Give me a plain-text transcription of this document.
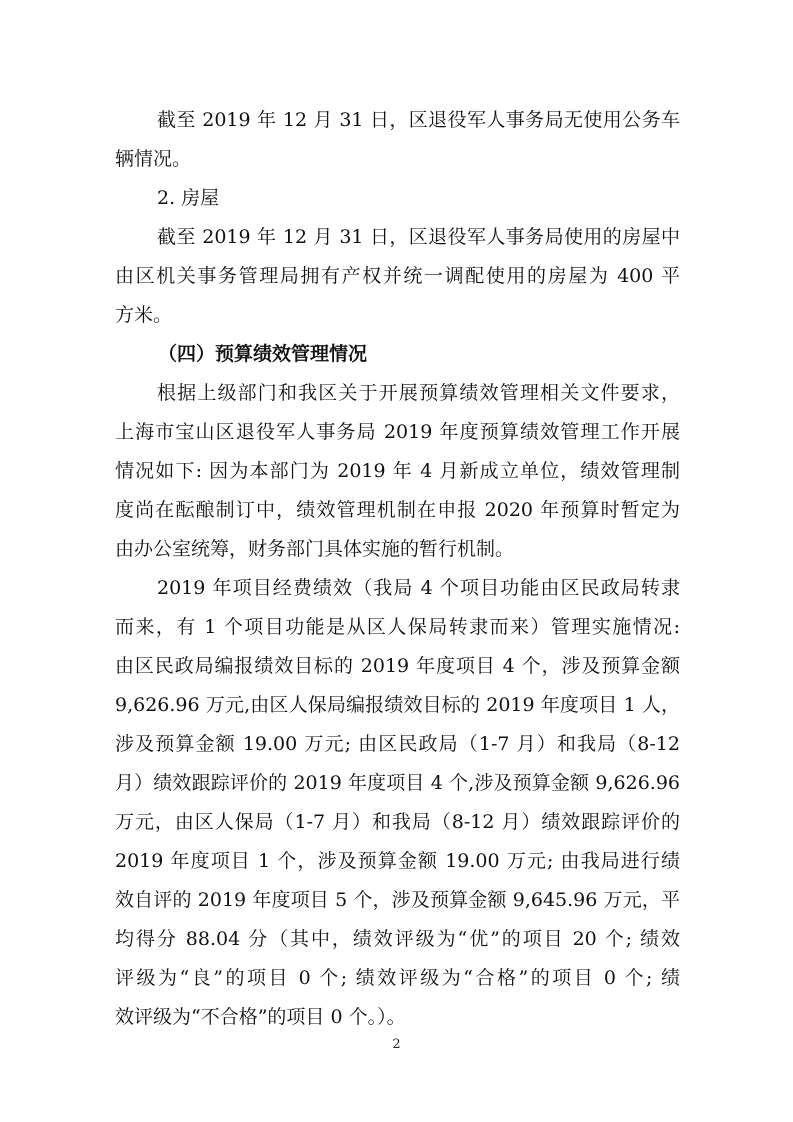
截至 2019 年 12 月 31 日，区退役军人事务局无使用公务车
辆情况。
2. 房屋
截至 2019 年 12 月 31 日，区退役军人事务局使用的房屋中
由区机关事务管理局拥有产权并统一调配使用的房屋为 400 平
方米。
（四）预算绩效管理情况
根据上级部门和我区关于开展预算绩效管理相关文件要求，
上海市宝山区退役军人事务局 2019 年度预算绩效管理工作开展
情况如下: 因为本部门为 2019 年 4 月新成立单位，绩效管理制
度尚在酝酿制订中，绩效管理机制在申报 2020 年预算时暂定为
由办公室统筹，财务部门具体实施的暂行机制。
2019 年项目经费绩效（我局 4 个项目功能由区民政局转隶
而来，有 1 个项目功能是从区人保局转隶而来）管理实施情况:
由区民政局编报绩效目标的 2019 年度项目 4 个，涉及预算金额
9,626.96 万元,由区人保局编报绩效目标的 2019 年度项目 1 人，
涉及预算金额 19.00 万元; 由区民政局（1-7 月）和我局（8-12
月）绩效跟踪评价的 2019 年度项目 4 个,涉及预算金额 9,626.96
万元，由区人保局（1-7 月）和我局（8-12 月）绩效跟踪评价的
2019 年度项目 1 个，涉及预算金额 19.00 万元; 由我局进行绩
效自评的 2019 年度项目 5 个，涉及预算金额 9,645.96 万元，平
均得分 88.04 分（其中，绩效评级为“优”的项目 20 个; 绩效
评级为“良”的项目 0 个; 绩效评级为“合格”的项目 0 个; 绩
效评级为“不合格”的项目 0 个。）。
2
